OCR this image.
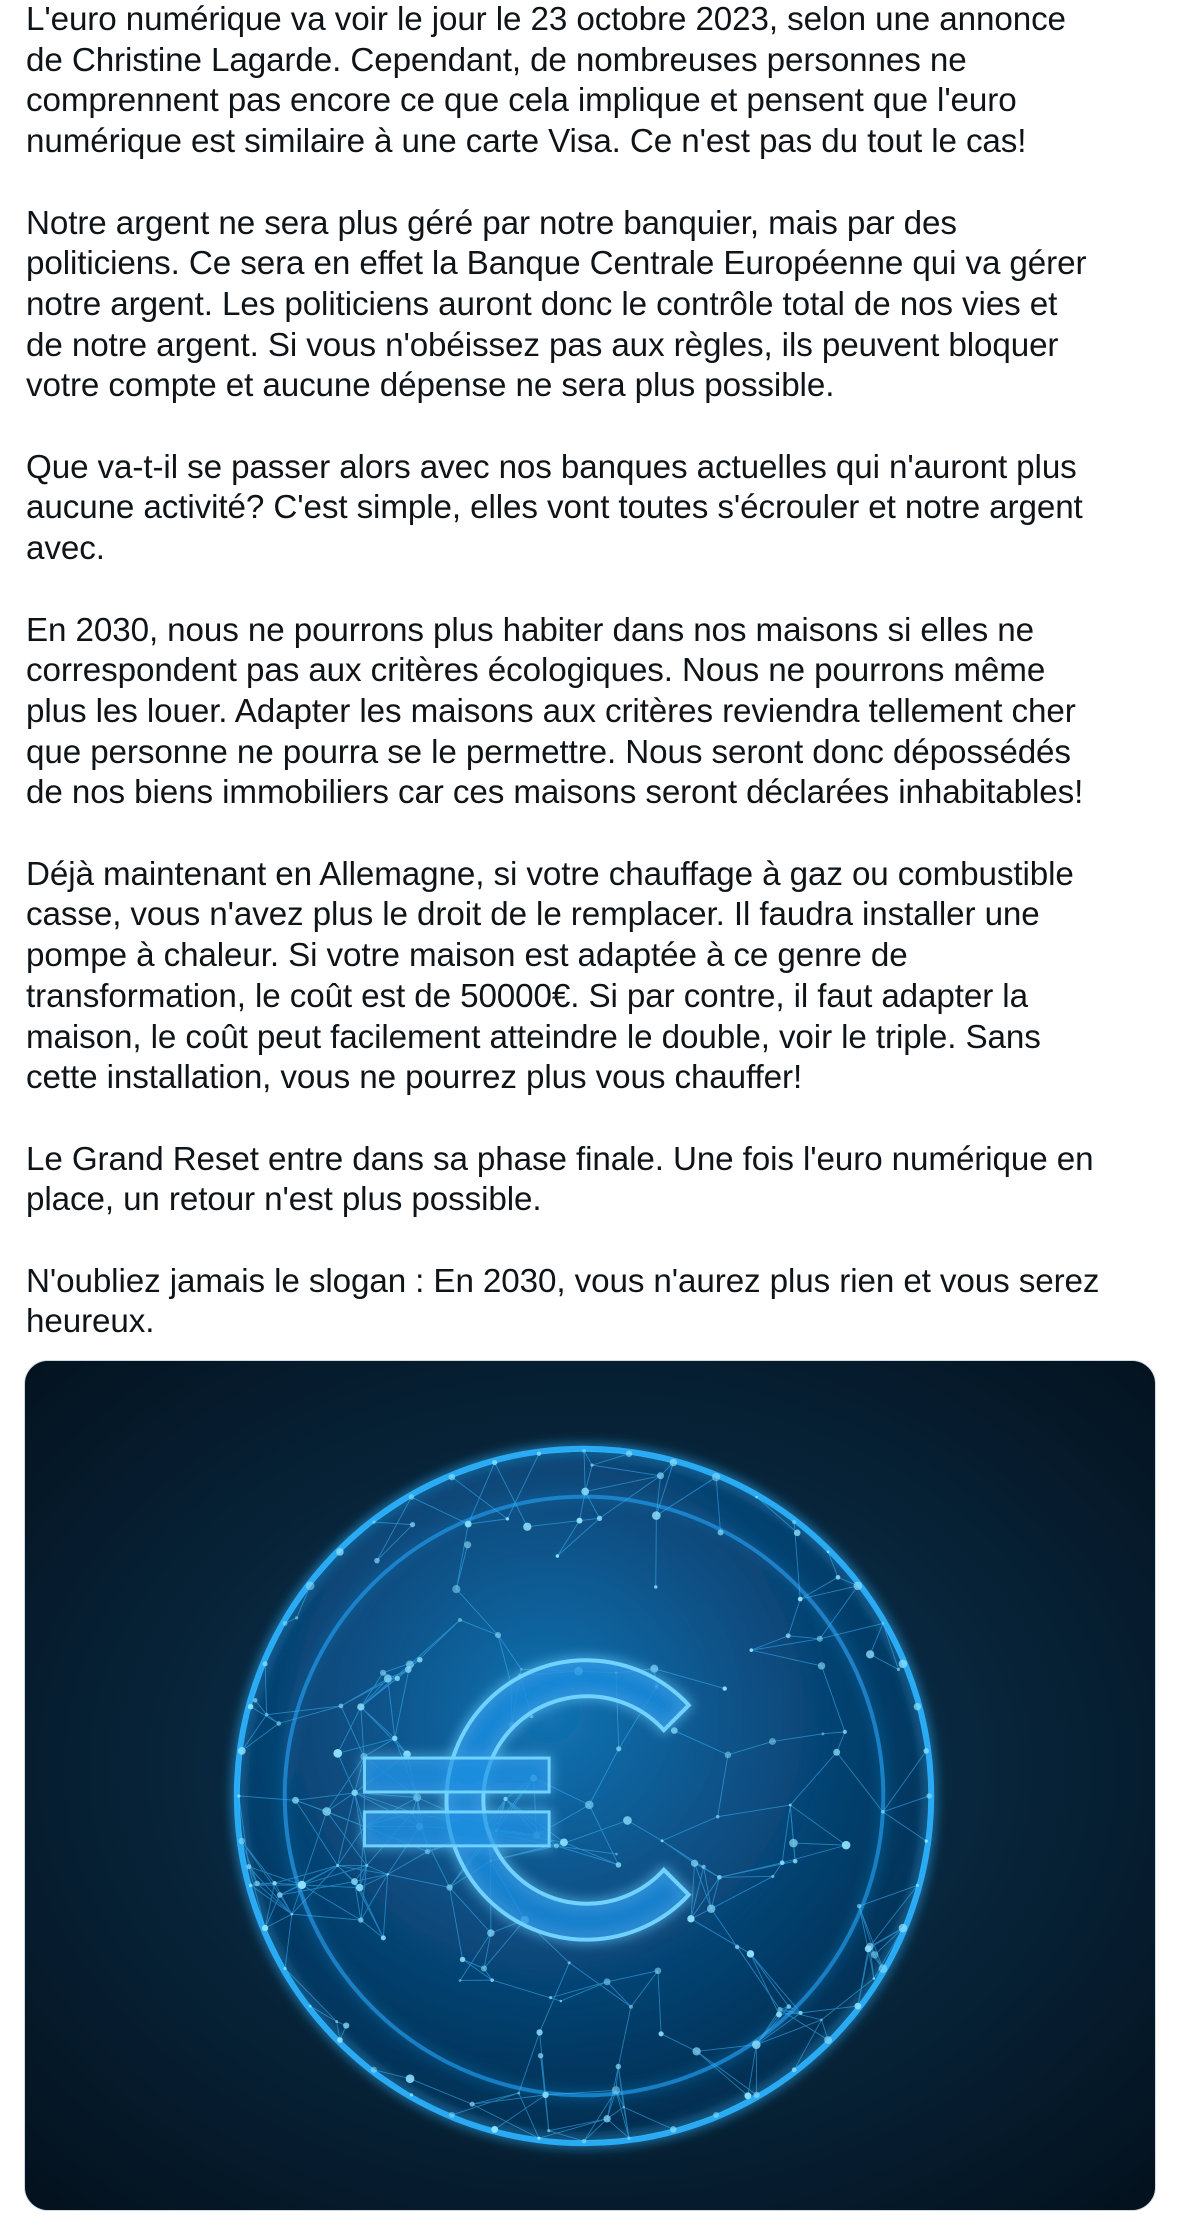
L'euro numérique va voir le jour le 23 octobre 2023, selon une annonce
de Christine Lagarde. Cependant, de nombreuses personnes ne
comprennent pas encore ce que cela implique et pensent que l'euro
numérique est similaire à une carte Visa. Ce n'est pas du tout le cas!

Notre argent ne sera plus géré par notre banquier, mais par des
politiciens. Ce sera en effet la Banque Centrale Européenne qui va gérer
notre argent. Les politiciens auront donc le contrôle total de nos vies et
de notre argent. Si vous n'obéissez pas aux règles, ils peuvent bloquer
votre compte et aucune dépense ne sera plus possible.

Que va-t-il se passer alors avec nos banques actuelles qui n'auront plus
aucune activité? C'est simple, elles vont toutes s'écrouler et notre argent
avec.

En 2030, nous ne pourrons plus habiter dans nos maisons si elles ne
correspondent pas aux critères écologiques. Nous ne pourrons même
plus les louer. Adapter les maisons aux critères reviendra tellement cher
que personne ne pourra se le permettre. Nous seront donc dépossédés
de nos biens immobiliers car ces maisons seront déclarées inhabitables!

Déjà maintenant en Allemagne, si votre chauffage à gaz ou combustible
casse, vous n'avez plus le droit de le remplacer. Il faudra installer une
pompe à chaleur. Si votre maison est adaptée à ce genre de
transformation, le coût est de 50000€. Si par contre, il faut adapter la
maison, le coût peut facilement atteindre le double, voir le triple. Sans
cette installation, vous ne pourrez plus vous chauffer!

Le Grand Reset entre dans sa phase finale. Une fois l'euro numérique en
place, un retour n'est plus possible.

N'oubliez jamais le slogan : En 2030, vous n'aurez plus rien et vous serez
heureux.
